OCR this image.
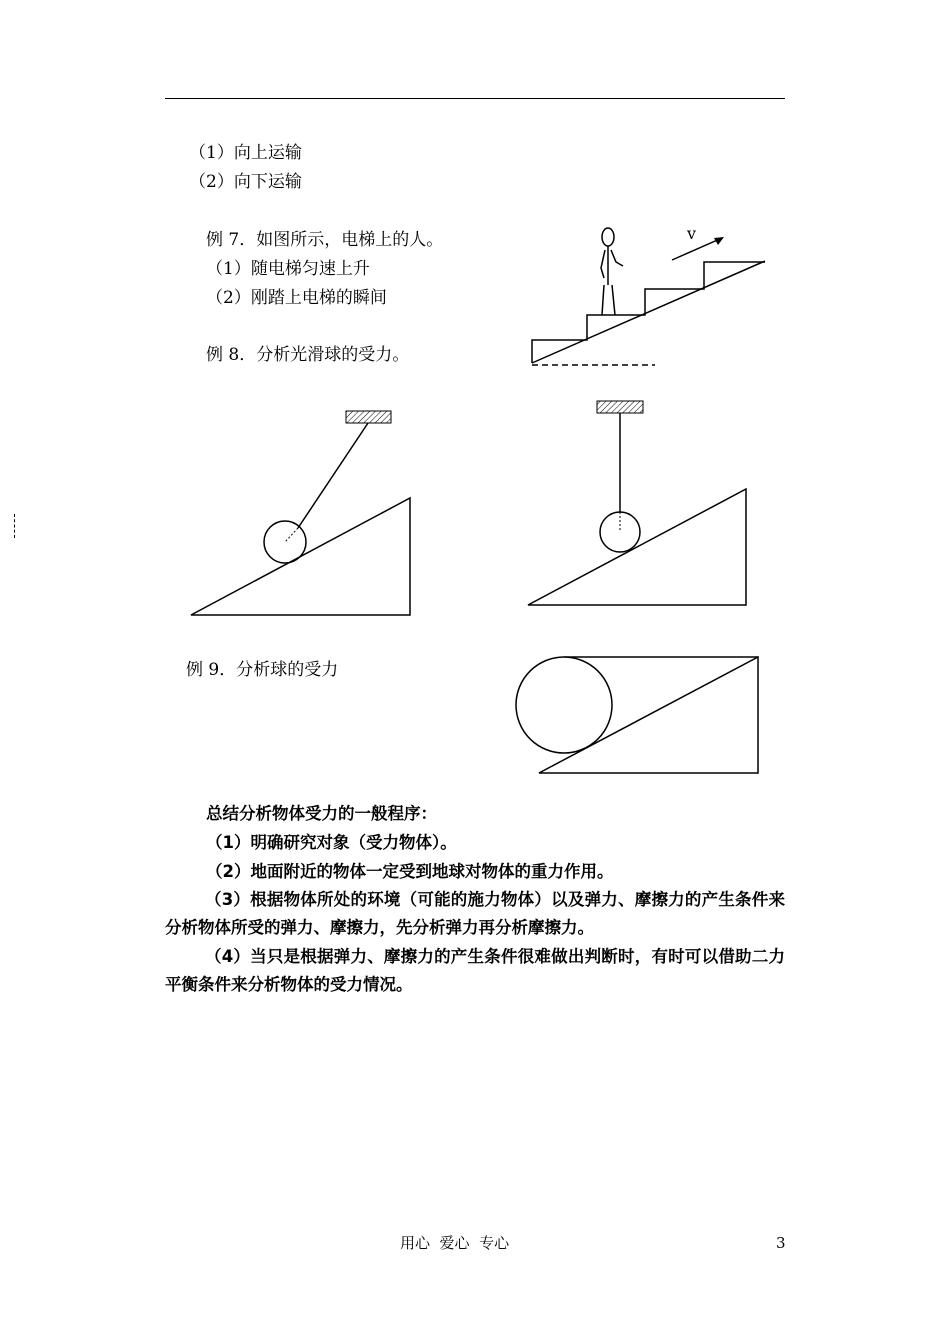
（1）向上运输
（2）向下运输
例 7．如图所示，电梯上的人。
（1）随电梯匀速上升
（2）刚踏上电梯的瞬间
例 8．分析光滑球的受力。
v
例 9．分析球的受力
总结分析物体受力的一般程序：
（1）明确研究对象（受力物体）。
（2）地面附近的物体一定受到地球对物体的重力作用。
（3）根据物体所处的环境（可能的施力物体）以及弹力、摩擦力的产生条件来分析物体所受的弹力、摩擦力，先分析弹力再分析摩擦力。
（4）当只是根据弹力、摩擦力的产生条件很难做出判断时，有时可以借助二力平衡条件来分析物体的受力情况。
用心  爱心  专心	3
